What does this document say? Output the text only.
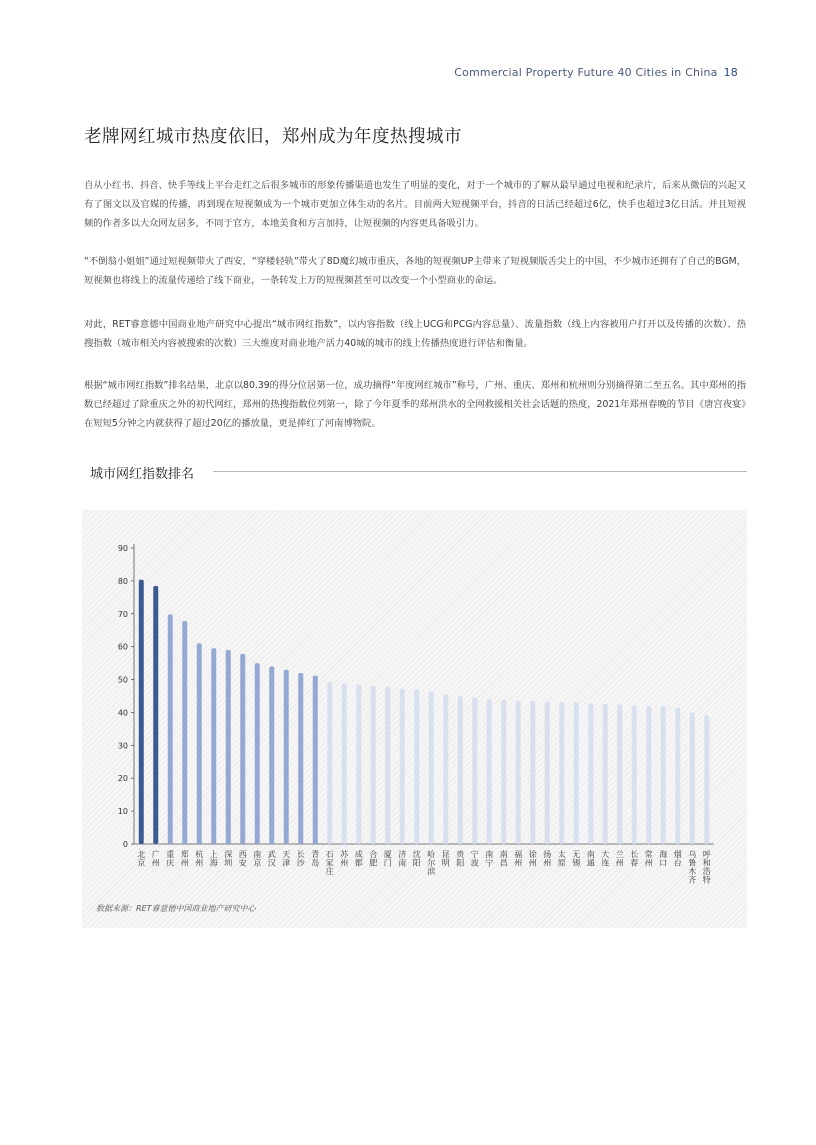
Commercial Property Future 40 Cities in China 18
老牌网红城市热度依旧，郑州成为年度热搜城市

自从小红书、抖音、快手等线上平台走红之后很多城市的形象传播渠道也发生了明显的变化，对于一个城市的了解从最早通过电视和纪录片，后来从微信的兴起又有了图文以及官媒的传播，再到现在短视频成为一个城市更加立体生动的名片。目前两大短视频平台，抖音的日活已经超过6亿，快手也超过3亿日活。并且短视频的作者多以大众网友居多，不同于官方，本地美食和方言加持，让短视频的内容更具备吸引力。

“不倒翁小姐姐”通过短视频带火了西安，“穿楼轻轨”带火了8D魔幻城市重庆，各地的短视频UP主带来了短视频版舌尖上的中国，不少城市还拥有了自己的BGM，短视频也将线上的流量传递给了线下商业，一条转发上万的短视频甚至可以改变一个小型商业的命运。

对此，RET睿意德中国商业地产研究中心提出“城市网红指数”，以内容指数（线上UCG和PCG内容总量）、流量指数（线上内容被用户打开以及传播的次数）、热搜指数（城市相关内容被搜索的次数）三大维度对商业地产活力40城的城市的线上传播热度进行评估和衡量。

根据“城市网红指数”排名结果，北京以80.39的得分位居第一位，成功摘得“年度网红城市”称号，广州、重庆、郑州和杭州则分别摘得第二至五名。其中郑州的指数已经超过了除重庆之外的初代网红，郑州的热搜指数位列第一，除了今年夏季的郑州洪水的全网救援相关社会话题的热度，2021年郑州春晚的节目《唐宫夜宴》在短短5分钟之内就获得了超过20亿的播放量，更是捧红了河南博物院。

城市网红指数排名
0
10
20
30
40
50
60
70
80
90
北京
广州
重庆
郑州
杭州
上海
深圳
西安
南京
武汉
天津
长沙
青岛
石家庄
苏州
成都
合肥
厦门
济南
沈阳
哈尔滨
昆明
贵阳
宁波
南宁
南昌
福州
徐州
扬州
太原
无锡
南通
大连
兰州
长春
常州
海口
烟台
乌鲁木齐
呼和浩特
数据来源：RET睿意德中国商业地产研究中心
